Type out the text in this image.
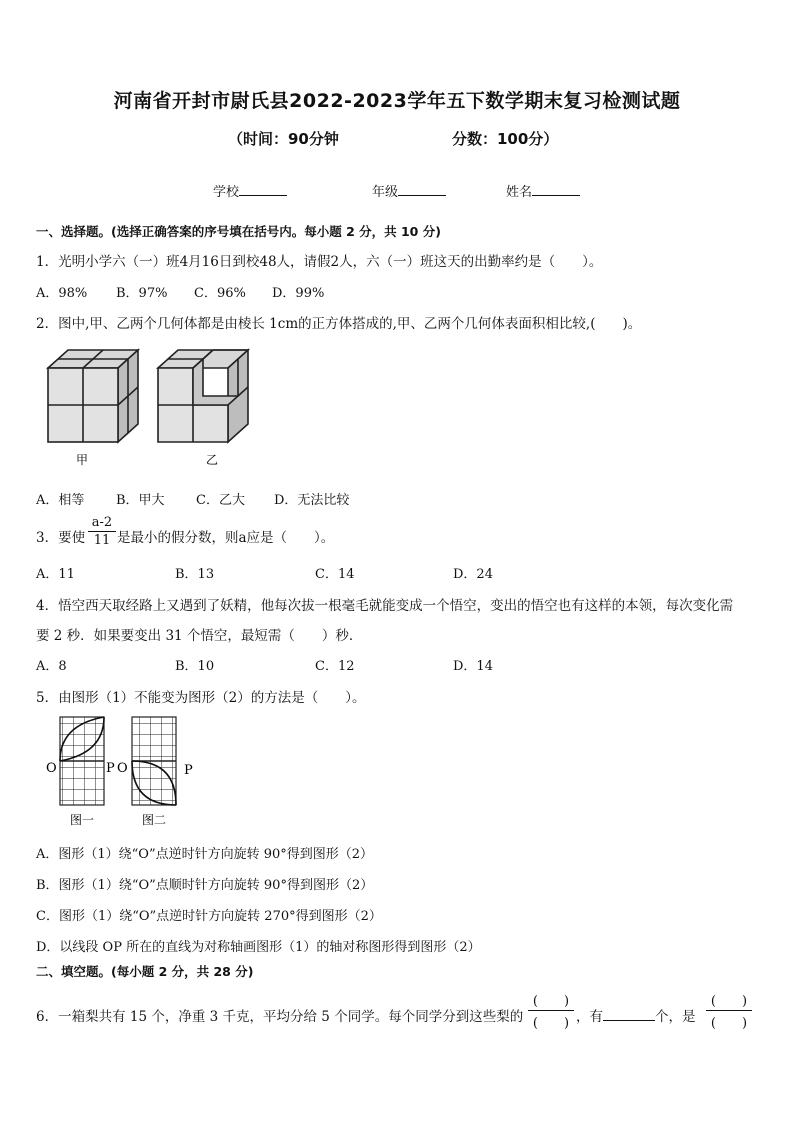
河南省开封市尉氏县2022-2023学年五下数学期末复习检测试题
（时间：90分钟	分数：100分）
学校	年级	姓名
一、选择题。(选择正确答案的序号填在括号内。每小题 2 分，共 10 分)
1．光明小学六（一）班4月16日到校48人，请假2人，六（一）班这天的出勤率约是（　　）。
A．98% B．97% C．96% D．99%
2．图中,甲、乙两个几何体都是由棱长 1cm的正方体搭成的,甲、乙两个几何体表面积相比较,(　　)。
甲	乙
A．相等 B．甲大 C．乙大 D．无法比较
3．要使
a-2
11 是最小的假分数，则a应是（　　）。
A．11	B．13	C．14	D．24
4．悟空西天取经路上又遇到了妖精，他每次拔一根毫毛就能变成一个悟空，变出的悟空也有这样的本领，每次变化需
要 2 秒．如果要变出 31 个悟空，最短需（　　）秒．
A．8	B．10	C．12	D．14
5．由图形（1）不能变为图形（2）的方法是（　　）。
O	P O	P
图一	图二
A．图形（1）绕“O”点逆时针方向旋转 90°得到图形（2）
B．图形（1）绕“O”点顺时针方向旋转 90°得到图形（2）
C．图形（1）绕“O”点逆时针方向旋转 270°得到图形（2）
D．以线段 OP 所在的直线为对称轴画图形（1）的轴对称图形得到图形（2）
二、填空题。(每小题 2 分，共 28 分)
6．一箱梨共有 15 个，净重 3 千克，平均分给 5 个同学。每个同学分到这些梨的
(　　)
(　　) ，有	个，是
(　　)
(　　)
